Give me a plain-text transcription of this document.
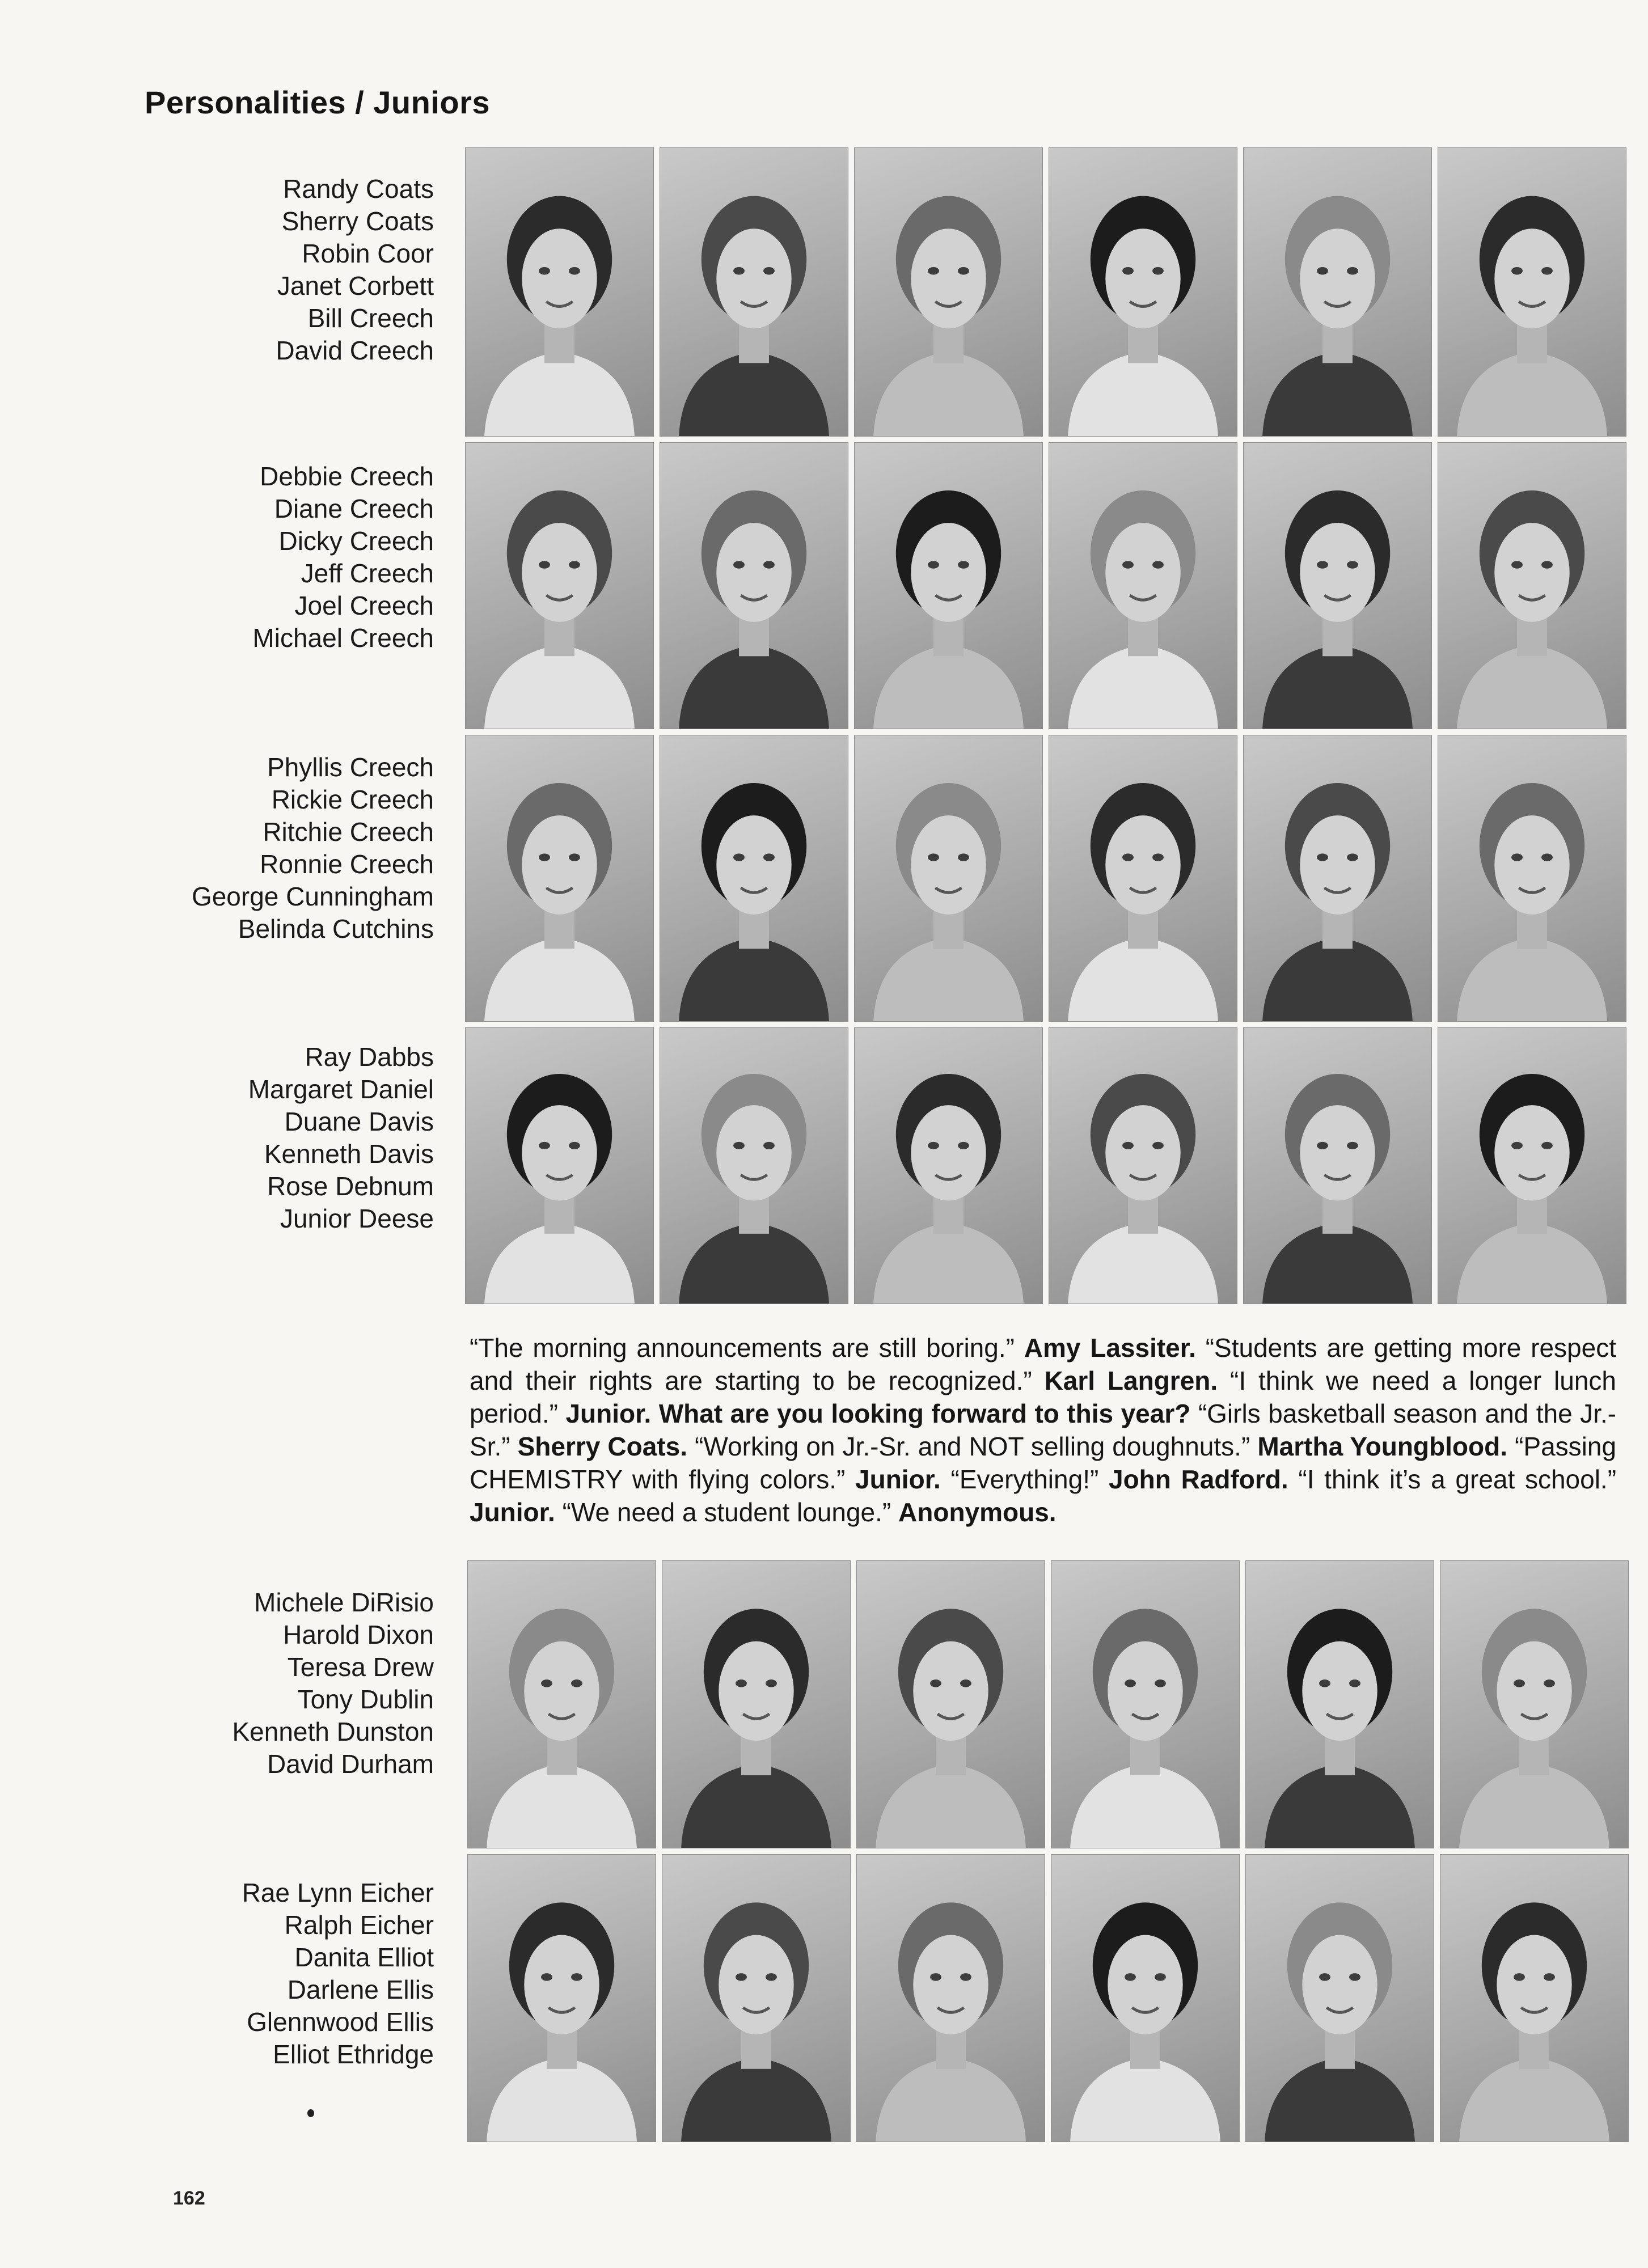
Personalities / Juniors
Randy Coats
Sherry Coats
Robin Coor
Janet Corbett
Bill Creech
David Creech
Debbie Creech
Diane Creech
Dicky Creech
Jeff Creech
Joel Creech
Michael Creech
Phyllis Creech
Rickie Creech
Ritchie Creech
Ronnie Creech
George Cunningham
Belinda Cutchins
Ray Dabbs
Margaret Daniel
Duane Davis
Kenneth Davis
Rose Debnum
Junior Deese
“The morning announcements are still boring.” Amy Lassiter. “Students are getting more respect and their rights are starting to be recognized.” Karl Langren. “I think we need a longer lunch period.” Junior. What are you looking forward to this year? “Girls basketball season and the Jr.-Sr.” Sherry Coats. “Working on Jr.-Sr. and NOT selling doughnuts.” Martha Youngblood. “Passing CHEMISTRY with flying colors.” Junior. “Everything!” John Radford. “I think it’s a great school.” Junior. “We need a student lounge.” Anonymous.
Michele DiRisio
Harold Dixon
Teresa Drew
Tony Dublin
Kenneth Dunston
David Durham
Rae Lynn Eicher
Ralph Eicher
Danita Elliot
Darlene Ellis
Glennwood Ellis
Elliot Ethridge
162
